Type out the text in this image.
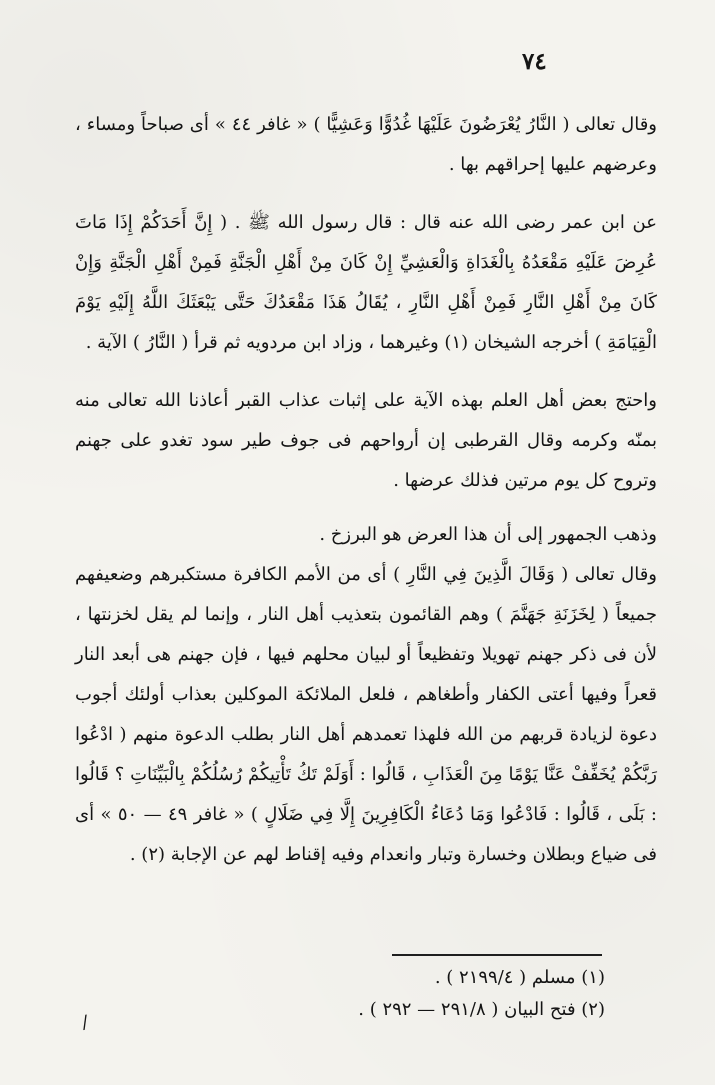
٧٤

وقال تعالى ( النَّارُ يُعْرَضُونَ عَلَيْهَا غُدُوًّا وَعَشِيًّا ) « غافر ٤٤ » أى صباحاً ومساء ، وعرضهم عليها إحراقهم بها .

عن ابن عمر رضى الله عنه قال : قال رسول الله ﷺ . ( إِنَّ أَحَدَكُمْ إِذَا مَاتَ عُرِضَ عَلَيْهِ مَقْعَدُهُ بِالْغَدَاةِ وَالْعَشِيِّ إِنْ كَانَ مِنْ أَهْلِ الْجَنَّةِ فَمِنْ أَهْلِ الْجَنَّةِ وَإِنْ كَانَ مِنْ أَهْلِ النَّارِ فَمِنْ أَهْلِ النَّارِ ، يُقَالُ هَذَا مَقْعَدُكَ حَتَّى يَبْعَثَكَ اللَّهُ إِلَيْهِ يَوْمَ الْقِيَامَةِ ) أخرجه الشيخان (١) وغيرهما ، وزاد ابن مردويه ثم قرأ ( النَّارُ ) الآية .

واحتج بعض أهل العلم بهذه الآية على إثبات عذاب القبر أعاذنا الله تعالى منه بمنّه وكرمه وقال القرطبى إن أرواحهم فى جوف طير سود تغدو على جهنم وتروح كل يوم مرتين فذلك عرضها .

وذهب الجمهور إلى أن هذا العرض هو البرزخ .

وقال تعالى ( وَقَالَ الَّذِينَ فِي النَّارِ ) أى من الأمم الكافرة مستكبرهم وضعيفهم جميعاً ( لِخَزَنَةِ جَهَنَّمَ ) وهم القائمون بتعذيب أهل النار ، وإنما لم يقل لخزنتها ، لأن فى ذكر جهنم تهويلا وتفظيعاً أو لبيان محلهم فيها ، فإن جهنم هى أبعد النار قعراً وفيها أعتى الكفار وأطغاهم ، فلعل الملائكة الموكلين بعذاب أولئك أجوب دعوة لزيادة قربهم من الله فلهذا تعمدهم أهل النار بطلب الدعوة منهم ( ادْعُوا رَبَّكُمْ يُخَفِّفْ عَنَّا يَوْمًا مِنَ الْعَذَابِ ، قَالُوا : أَوَلَمْ تَكُ تَأْتِيكُمْ رُسُلُكُمْ بِالْبَيِّنَاتِ ؟ قَالُوا : بَلَى ، قَالُوا : فَادْعُوا وَمَا دُعَاءُ الْكَافِرِينَ إِلَّا فِي ضَلَالٍ ) « غافر ٤٩ — ٥٠ » أى فى ضياع وبطلان وخسارة وتبار وانعدام وفيه إقناط لهم عن الإجابة (٢) .

(١) مسلم ( ٢١٩٩/٤ ) .

(٢) فتح البيان ( ٢٩١/٨ — ٢٩٢ ) .

/
